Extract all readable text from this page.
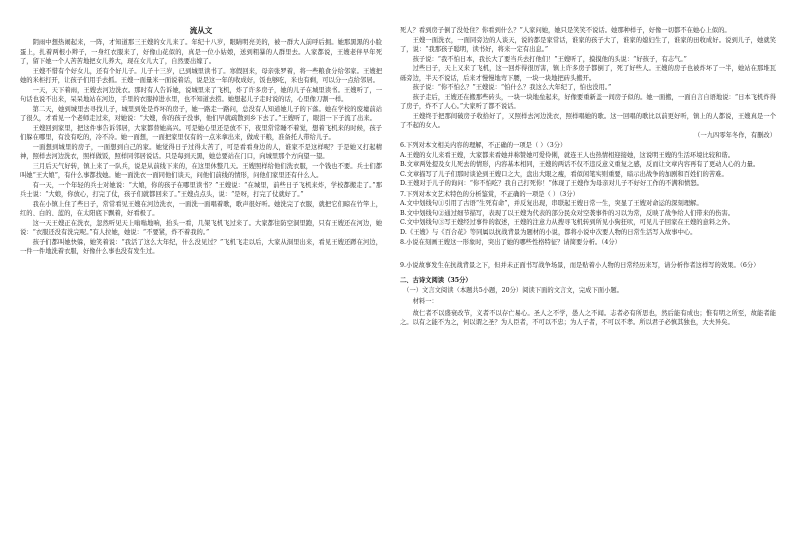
流从文

阴雨中想热闹起来，一阵，才知道那三王嫂的女儿来了。年纪十八岁，眼睛明亮美的，被一群大人前呼后拥。她那黑黑的小脸蛋上，扎着两根小辫子，一身红衣服来了，好像山花似的，真是一位小姑娘，送到粗暴的人群里去。人家都说，王嫂老伴早年死了，留下她一个人苦苦地把女儿养大，现在女儿大了，自然要出嫁了。

王嫂不惜有个好女儿，还有个好儿子。儿子十三岁，已到城里读书了。寒假回来，母亲张罗着，将一些粮食分给邻家。王嫂把她的米柜打开，让孩子们用手去抓。王嫂一面量米一面说着话，说是这一年的收成好，饭也够吃，米也有剩，可以分一点给邻居。

一天，天下着雨，王嫂去河边洗衣。那时有人告诉她，说城里来了飞机，炸了许多房子，她的儿子在城里读书。王嫂听了，一句话也说不出来，呆呆地站在河边，手里的衣服掉进水里，也不知道去捞。她想起儿子走时说的话，心里像刀割一样。

第二天，她到城里去寻找儿子，城里到处是炸坏的房子，她一路走一路问，总没有人知道她儿子的下落。她在学校的废墟前站了很久，才看见一个老师走过来，对她说：“大嫂，你的孩子没事，他们早就疏散到乡下去了。”王嫂听了，眼泪一下子流了出来。

王嫂回到家里，把这件事告诉邻居，大家都替她高兴。可是她心里还是放不下，夜里常常睡不着觉，想着飞机来的时候，孩子们躲在哪里，有没有吃的，冷不冷。她一面想，一面把家里仅有的一点米拿出来，做成干粮，准备托人带给儿子。

一面想到城里的房子，一面想到自己的家。她觉得日子过得太苦了，可是看看身边的人，谁家不是这样呢？于是她又打起精神，照样去河边洗衣，照样做饭，照样同邻居说话。只是每到天黑，她总要站在门口，向城里那个方向望一望。

三月后天气好转，镇上来了一队兵，说是从前线下来的，在这里休整几天。王嫂照样给他们洗衣服，一个钱也不要。兵士们都叫她“王大娘”，有什么事都找她。她一面洗衣一面同他们谈天，问他们前线的情形，问他们家里还有什么人。

有一天，一个年轻的兵士对她说：“大娘，你的孩子在哪里读书？”王嫂说：“在城里，前些日子飞机来炸，学校都搬走了。”那兵士说：“大娘，你放心，打完了仗，孩子们就都回来了。”王嫂点点头，说：“是呀，打完了仗就好了。”

我在小镇上住了些日子，常常看见王嫂在河边洗衣，一面洗一面唱着歌，歌声很好听。她洗完了衣服，就把它们晾在竹竿上，红的、白的、蓝的，在太阳底下飘着，好看极了。

这一天王嫂正在洗衣，忽然听见天上嗡嗡地响，抬头一看，几架飞机飞过来了。大家都往防空洞里跑，只有王嫂还在河边，她说：“衣服还没有洗完呢。”有人拉她，她说：“不要紧，炸不着我的。”

孩子们都叫她快躲，她笑着说：“我活了这么大年纪，什么没见过？”飞机飞走以后，大家从洞里出来，看见王嫂还蹲在河边，一件一件地洗着衣服，好像什么事也没有发生过。

死人？看到房子倒了没处住？你看到什么？”人家问她，她只是笑笑不说话。她那种样子，好像一切都不在她心上似的。

王嫂一面洗衣，一面同旁边的人谈天，说的都是家常话，谁家的孩子大了，谁家的媳妇生了，谁家的田收成好。说到儿子，她就笑了，说：“我那孩子聪明，读书好，将来一定有出息。”

孩子说：“我不怕日本，我长大了要当兵去打他们！”王嫂听了，摸摸他的头说：“好孩子，有志气。”

过些日子，天上又来了飞机，这一回炸得很厉害，镇上许多房子都倒了，死了好些人。王嫂的房子也被炸坏了一半，她站在那堆瓦砾旁边，半天不说话，后来才慢慢地弯下腰，一块一块地把砖头搬开。

孩子说：“你不怕么？”王嫂说：“怕什么？我这么大年纪了，怕也没用。”

孩子走后，王嫂还在搬那些砖头，一块一块地垒起来，好像要重新盖一间房子似的。她一面搬，一面自言自语地说：“日本飞机炸得了房子，炸不了人心。”大家听了都不说话。

王嫂终于把那间破房子收拾好了，又照样去河边洗衣，照样唱她的歌。这一回唱的歌比以前更好听，镇上的人都说，王嫂真是一个了不起的女人。

（一九四零年冬作，有删改）

6.下列对本文相关内容的理解，不正确的一项是（ ）（3分）

A.王嫂的女儿来看王嫂，大家都来看她并称赞她可爱伶俐，就连王人也热情相迎接她，这说明王嫂的生活环境比较和谐。

B.文章两处提及女儿死去的情形，内容基本相同，王嫂的两话不仅不违反意义重复之感，反而让文章内容再有了更动人心的力量。

C.文章描写了儿子们那时谈论到王嫂口之大，盘出大眼之瘦，看似闲笔实则重要，暗示出战争的加剧和百姓们的苦难。

D.王嫂对于儿子的询问：“你不怕吃？我自己打死你！”体现了王嫂作为母亲对儿子不好好工作的不满和愤怒。

7.下列对本文艺术特色的分析鉴赏，不正确的一项是（ ）（3分）

A.文中划线句①引用了古语“生死有命”，并反复出现，串联起王嫂日常一生，突显了王嫂对命运的深刻理解。

B.文中划线句②通过细节描写，表现了以王嫂为代表的部分民众对空袭事件的习以为常，反映了战争给人们带来的伤害。

C.文中划线句③写王嫂经过事件的叙述，王嫂的注意力从搜寻飞机转到所见小狗狂吠，可见儿子回家在王嫂的意料之外。

D.《王嫂》与《百合花》等同属以抗战背景为题材的小说，都将小说中次要人物的日常生活写入故事中心。

8.小说在刻画王嫂这一形象时，突出了她的哪些性格特征？请简要分析。（4分）

9.小说故事发生在抗战背景之下，但并未正面书写战争场景，而是贴着小人物的日常经历来写，请分析作者这样写的效果。（6分）

二、古诗文阅读（35分）

（一）文言文阅读（本题共5小题，20分）阅读下面的文言文，完成下面小题。

材料一：

故仁者不以盛衰改节，义者不以存亡易心。圣人之不学，愚人之不闻。志者必有所思也，然后能有成也；惟有明之所至，故能者能之。以有之能不为之，何以谓之圣？为人臣者，不可以不忠；为人子者，不可以不孝。所以君子必慎其独也，大夫异矣。
